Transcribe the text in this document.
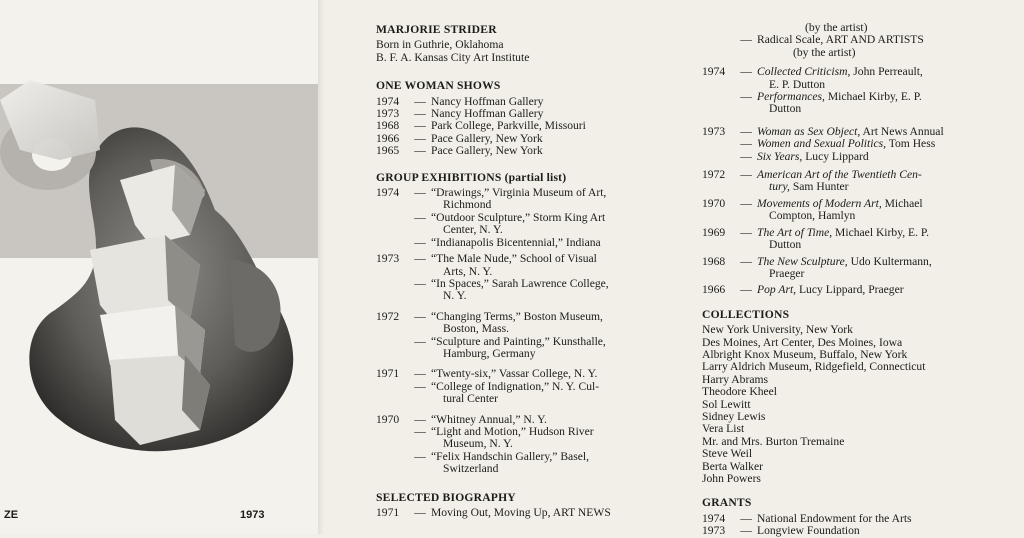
ZE	1973
MARJORIE STRIDER
Born in Guthrie, Oklahoma
B. F. A. Kansas City Art Institute
ONE WOMAN SHOWS
1974	— Nancy Hoffman Gallery
1973	— Nancy Hoffman Gallery
1968	— Park College, Parkville, Missouri
1966	— Pace Gallery, New York
1965	— Pace Gallery, New York
GROUP EXHIBITIONS (partial list)
1974	— “Drawings,” Virginia Museum of Art,
Richmond
— “Outdoor Sculpture,” Storm King Art
Center, N. Y.
— “Indianapolis Bicentennial,” Indiana
1973	— “The Male Nude,” School of Visual
Arts, N. Y.
— “In Spaces,” Sarah Lawrence College,
N. Y.
1972	— “Changing Terms,” Boston Museum,
Boston, Mass.
— “Sculpture and Painting,” Kunsthalle,
Hamburg, Germany
1971	— “Twenty-six,” Vassar College, N. Y.
— “College of Indignation,” N. Y. Cul-
tural Center
1970	— “Whitney Annual,” N. Y.
— “Light and Motion,” Hudson River
Museum, N. Y.
— “Felix Handschin Gallery,” Basel,
Switzerland
SELECTED BIOGRAPHY
1971	— Moving Out, Moving Up, ART NEWS
(by the artist)
— Radical Scale, ART AND ARTISTS
(by the artist)
1974	— Collected Criticism, John Perreault,
E. P. Dutton
— Performances, Michael Kirby, E. P.
Dutton
1973	— Woman as Sex Object, Art News Annual
— Women and Sexual Politics, Tom Hess
— Six Years, Lucy Lippard
1972	— American Art of the Twentieth Cen-
tury, Sam Hunter
1970	— Movements of Modern Art, Michael
Compton, Hamlyn
1969	— The Art of Time, Michael Kirby, E. P.
Dutton
1968	— The New Sculpture, Udo Kultermann,
Praeger
1966	— Pop Art, Lucy Lippard, Praeger
COLLECTIONS
New York University, New York
Des Moines, Art Center, Des Moines, Iowa
Albright Knox Museum, Buffalo, New York
Larry Aldrich Museum, Ridgefield, Connecticut
Harry Abrams
Theodore Kheel
Sol Lewitt
Sidney Lewis
Vera List
Mr. and Mrs. Burton Tremaine
Steve Weil
Berta Walker
John Powers
GRANTS
1974	— National Endowment for the Arts
1973	— Longview Foundation
